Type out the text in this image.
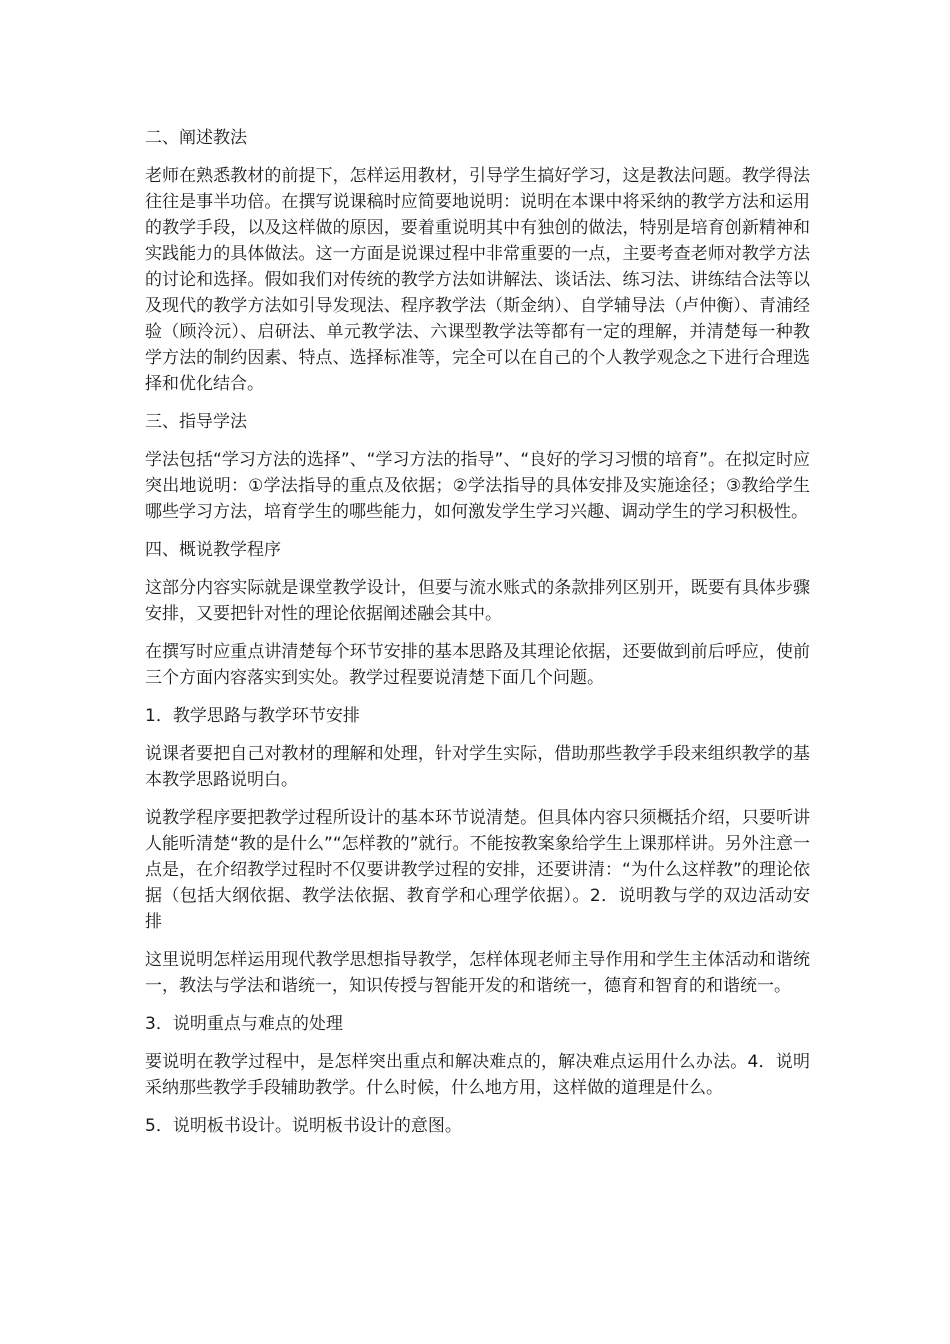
二、阐述教法
老师在熟悉教材的前提下，怎样运用教材，引导学生搞好学习，这是教法问题。教学得法往往是事半功倍。在撰写说课稿时应简要地说明：说明在本课中将采纳的教学方法和运用的教学手段，以及这样做的原因，要着重说明其中有独创的做法，特别是培育创新精神和实践能力的具体做法。这一方面是说课过程中非常重要的一点，主要考查老师对教学方法的讨论和选择。假如我们对传统的教学方法如讲解法、谈话法、练习法、讲练结合法等以及现代的教学方法如引导发现法、程序教学法（斯金纳）、自学辅导法（卢仲衡）、青浦经验（顾泠沅）、启研法、单元教学法、六课型教学法等都有一定的理解，并清楚每一种教学方法的制约因素、特点、选择标准等，完全可以在自己的个人教学观念之下进行合理选择和优化结合。
三、指导学法
学法包括“学习方法的选择”、“学习方法的指导”、“良好的学习习惯的培育”。在拟定时应突出地说明：①学法指导的重点及依据；②学法指导的具体安排及实施途径；③教给学生哪些学习方法，培育学生的哪些能力，如何激发学生学习兴趣、调动学生的学习积极性。
四、概说教学程序
这部分内容实际就是课堂教学设计，但要与流水账式的条款排列区别开，既要有具体步骤安排，又要把针对性的理论依据阐述融会其中。
在撰写时应重点讲清楚每个环节安排的基本思路及其理论依据，还要做到前后呼应，使前三个方面内容落实到实处。教学过程要说清楚下面几个问题。
1．教学思路与教学环节安排
说课者要把自己对教材的理解和处理，针对学生实际，借助那些教学手段来组织教学的基本教学思路说明白。
说教学程序要把教学过程所设计的基本环节说清楚。但具体内容只须概括介绍，只要听讲人能听清楚“教的是什么”“怎样教的”就行。不能按教案象给学生上课那样讲。另外注意一点是，在介绍教学过程时不仅要讲教学过程的安排，还要讲清：“为什么这样教”的理论依据（包括大纲依据、教学法依据、教育学和心理学依据）。2．说明教与学的双边活动安排
这里说明怎样运用现代教学思想指导教学，怎样体现老师主导作用和学生主体活动和谐统一，教法与学法和谐统一，知识传授与智能开发的和谐统一，德育和智育的和谐统一。
3．说明重点与难点的处理
要说明在教学过程中，是怎样突出重点和解决难点的，解决难点运用什么办法。4．说明采纳那些教学手段辅助教学。什么时候，什么地方用，这样做的道理是什么。
5．说明板书设计。说明板书设计的意图。
